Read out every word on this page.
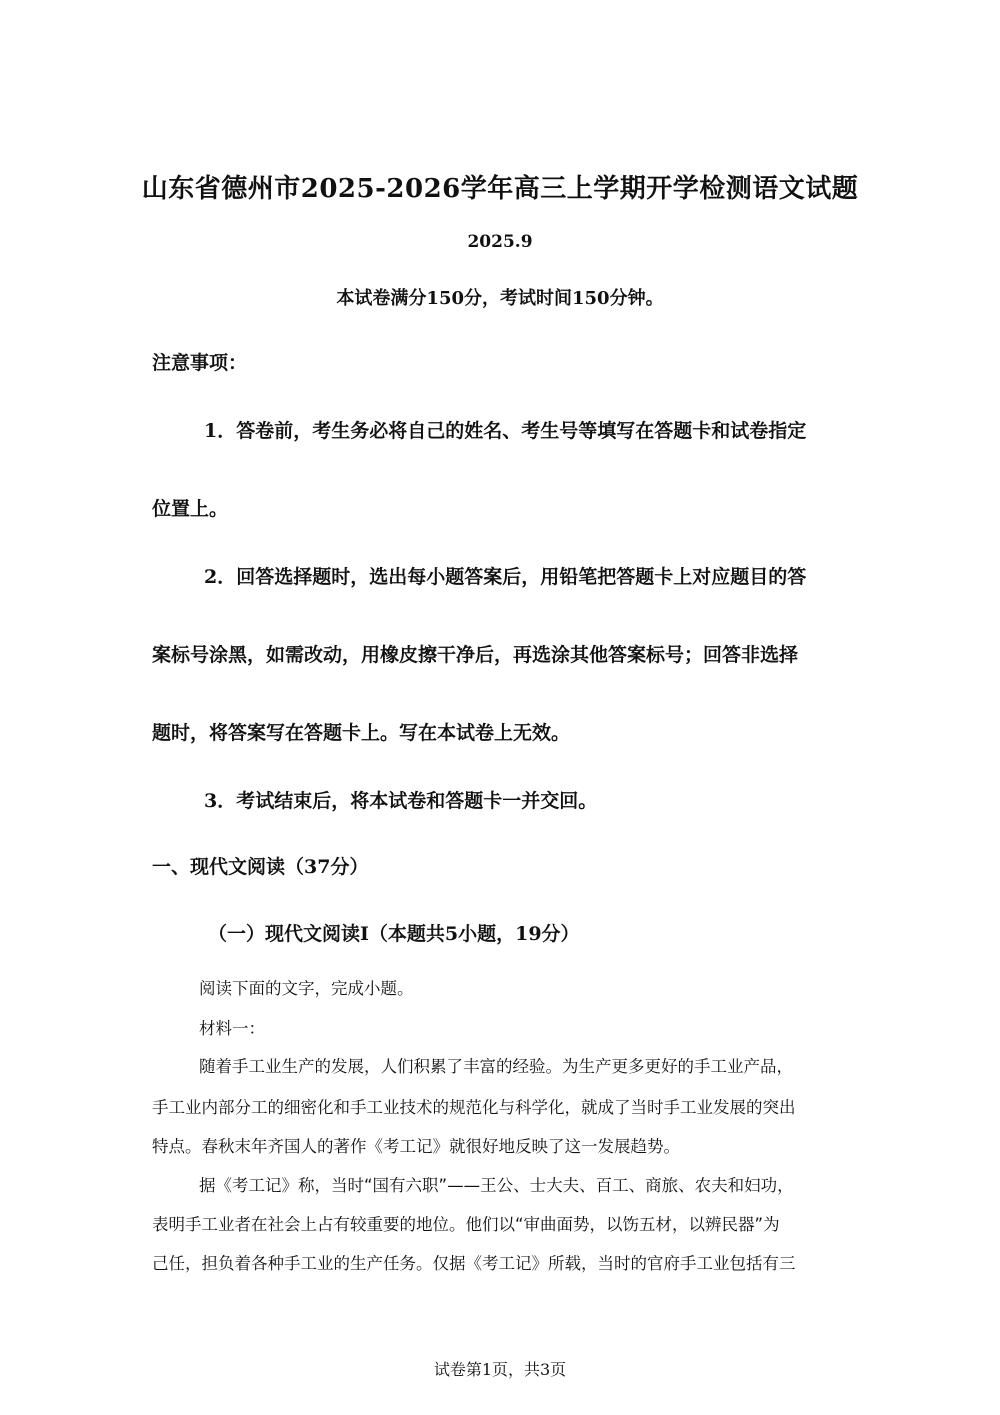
山东省德州市2025-2026学年高三上学期开学检测语文试题
2025.9
本试卷满分150分，考试时间150分钟。
注意事项：
1．答卷前，考生务必将自己的姓名、考生号等填写在答题卡和试卷指定
位置上。
2．回答选择题时，选出每小题答案后，用铅笔把答题卡上对应题目的答
案标号涂黑，如需改动，用橡皮擦干净后，再选涂其他答案标号；回答非选择
题时，将答案写在答题卡上。写在本试卷上无效。
3．考试结束后，将本试卷和答题卡一并交回。
一、现代文阅读（37分）
（一）现代文阅读Ⅰ（本题共5小题，19分）
阅读下面的文字，完成小题。
材料一：
随着手工业生产的发展，人们积累了丰富的经验。为生产更多更好的手工业产品，
手工业内部分工的细密化和手工业技术的规范化与科学化，就成了当时手工业发展的突出
特点。春秋末年齐国人的著作《考工记》就很好地反映了这一发展趋势。
据《考工记》称，当时“国有六职”——王公、士大夫、百工、商旅、农夫和妇功，
表明手工业者在社会上占有较重要的地位。他们以“审曲面势，以饬五材，以辨民器”为
己任，担负着各种手工业的生产任务。仅据《考工记》所载，当时的官府手工业包括有三
试卷第1页，共3页
